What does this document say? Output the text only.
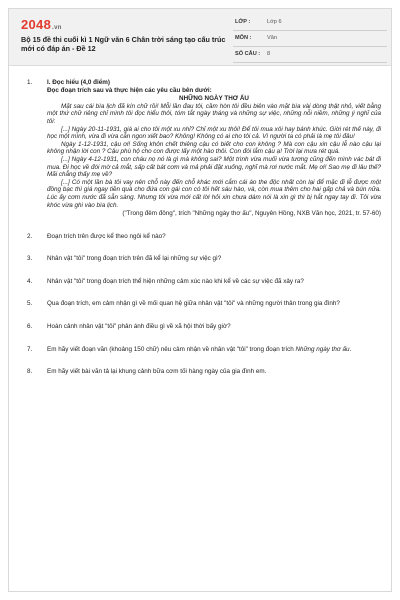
2048.vn
Bộ 15 đề thi cuối kì 1 Ngữ văn 6 Chân trời sáng tạo cấu trúc mới có đáp án - Đề 12
LỚP :	Lớp 6
MÔN :	Văn
SỐ CÂU : 8
1. I. Đọc hiểu (4,0 điểm)
Đọc đoạn trích sau và thực hiện các yêu cầu bên dưới:
NHỮNG NGÀY THƠ ẤU

Mặt sau cái bìa lịch đã kín chữ rồi! Mỗi lần đau tôi, cầm hòn tôi đều biên vào mặt bìa vài dòng thật nhỏ, viết bằng một thứ chữ riêng chỉ mình tôi đọc hiểu thôi, tóm tắt ngày tháng và những sự việc, những nỗi niềm, những ý nghĩ của tôi:

[...] Ngày 20-11-1931, giá ai cho tôi một xu nhỉ? Chỉ một xu thôi! Để tôi mua xôi hay bánh khúc. Giời rét thế này, đi học một mình, vừa đi vừa cắn ngon xiết bao? Không! Không có ai cho tôi cả. Vì người ta có phải là mẹ tôi đâu!

Ngày 1-12-1931, cậu ơi! Sống khôn chết thiêng cậu có biết cho con không ? Mà con cậu xin cậu lễ nào cậu lại không nhận lời con ? Cậu phù hộ cho con được lấy một hào thôi. Con đói lắm cậu ạ! Trời lại mưa rét quá.

[...] Ngày 4-12-1931, con cháu nọ nó là gì mà không sai? Một trình vừa muối vừa tương cũng đến mình vác bát đi mua. Đi học về đói mờ cả mắt, sấp cất bát cơm và mả phải đặt xuống, nghĩ mà rơi nước mắt. Mẹ ơi! Sao mẹ đi lâu thế? Mãi chẳng thấy mẹ về?

[...] Có một lần bà tôi vay nên chỗ này đến chỗ khác mới cắm cái áo the độc nhất còn lại để mặc đi lễ được một đồng bạc thì giá ngay tiền quà cho đứa con gái con có tôi hết sáu hào, và, còn mua thêm cho hai gấp chả và bún nữa. Lúc ấy cơm nước đã sẵn sàng. Nhưng tôi vừa mới cất lời hỏi xin chưa dám nói là xin gì thì bị hắt ngay tay đi. Tôi vừa khóc vừa ghi vào bìa lịch.

("Trong đêm đông", trích "Những ngày thơ ấu", Nguyên Hồng, NXB Văn học, 2021, tr. 57-60)
2. Đoạn trích trên được kể theo ngôi kể nào?
3. Nhân vật "tôi" trong đoạn trích trên đã kể lại những sự việc gì?
4. Nhân vật "tôi" trong đoạn trích thể hiện những cảm xúc nào khi kể về các sự việc đã xảy ra?
5. Qua đoạn trích, em cảm nhận gì về mối quan hệ giữa nhân vật "tôi" và những người thân trong gia đình?
6. Hoàn cảnh nhân vật "tôi" phản ánh điều gì về xã hội thời bấy giờ?
7. Em hãy viết đoạn văn (khoảng 150 chữ) nêu cảm nhận về nhân vật "tôi" trong đoạn trích Những ngày thơ ấu.
8. Em hãy viết bài văn tả lại khung cảnh bữa cơm tối hàng ngày của gia đình em.
